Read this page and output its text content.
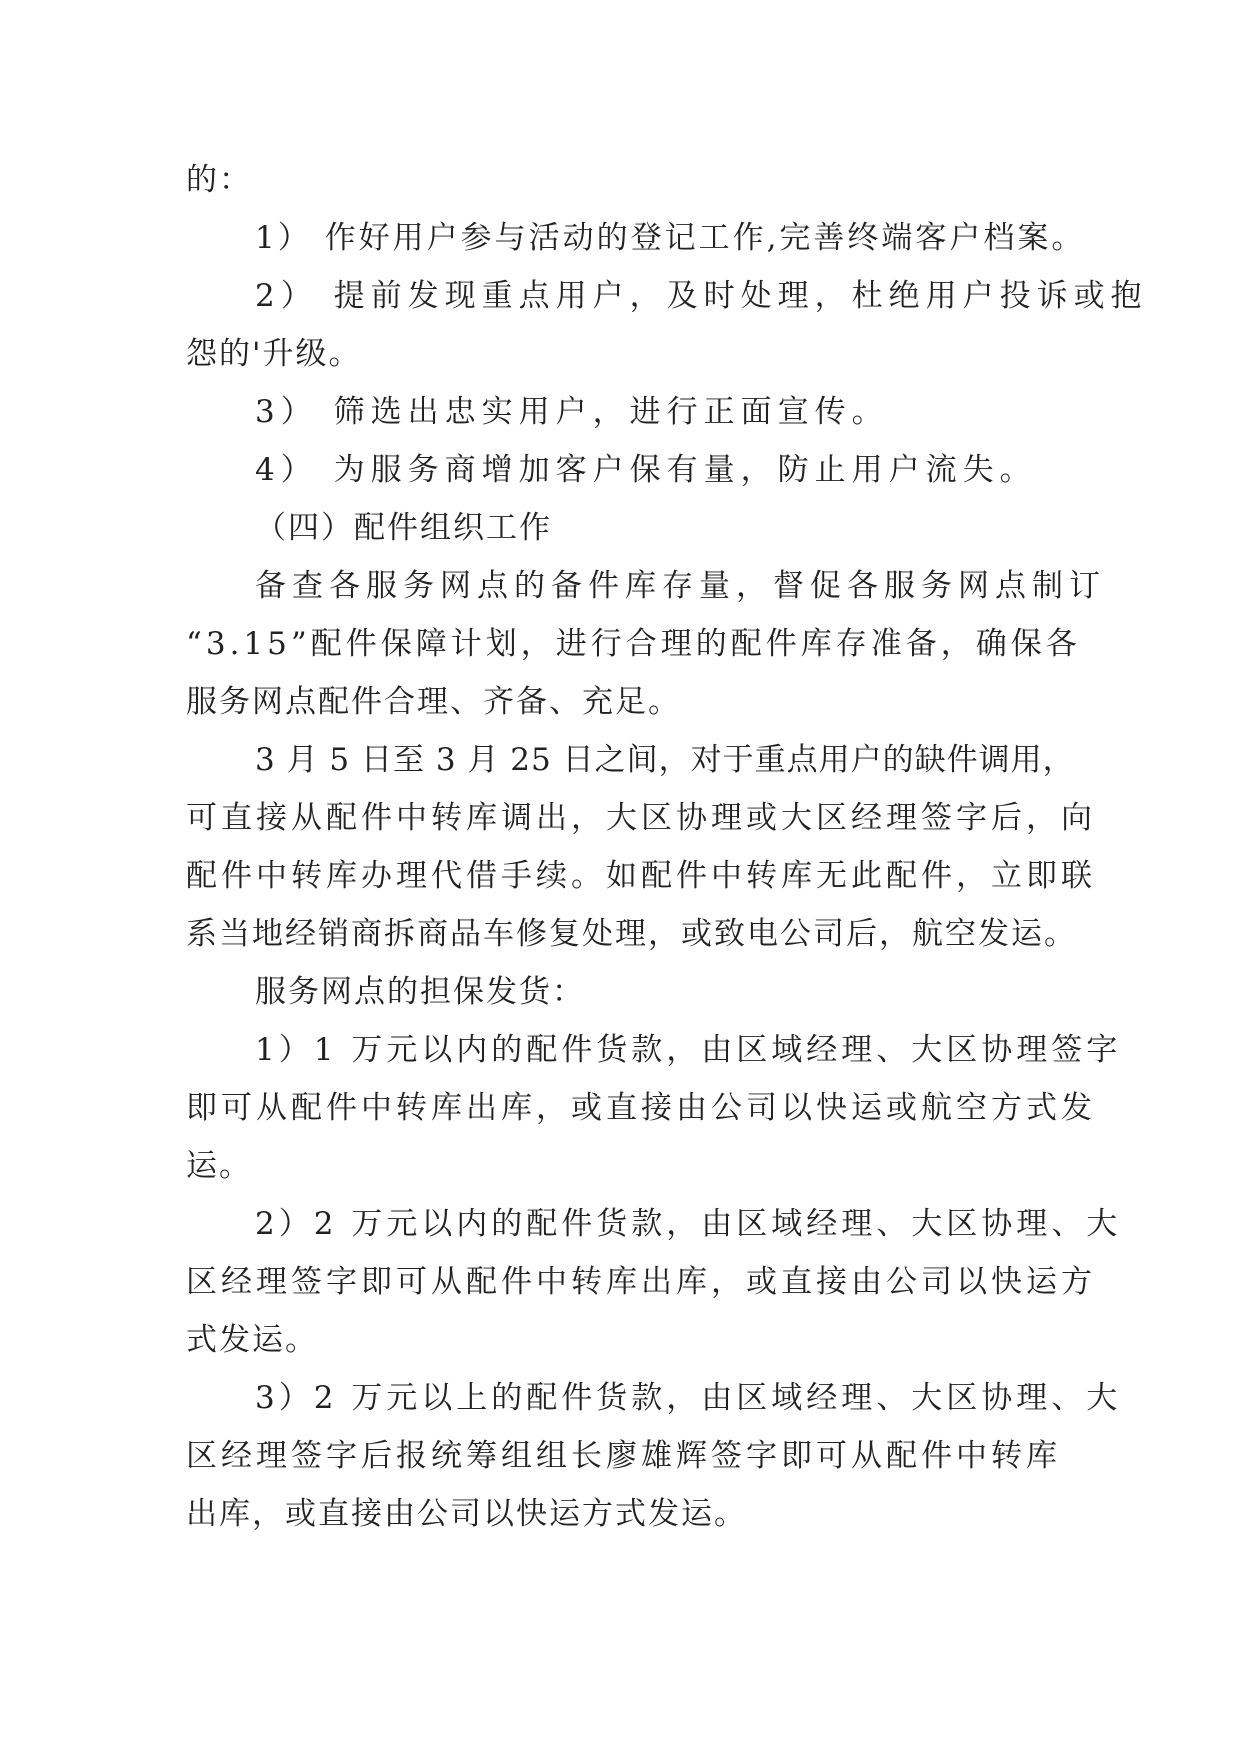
的：
1） 作好用户参与活动的登记工作,完善终端客户档案。
2） 提前发现重点用户，及时处理，杜绝用户投诉或抱
怨的'升级。
3） 筛选出忠实用户，进行正面宣传。
4） 为服务商增加客户保有量，防止用户流失。
（四）配件组织工作
备查各服务网点的备件库存量，督促各服务网点制订
“3.15”配件保障计划，进行合理的配件库存准备，确保各
服务网点配件合理、齐备、充足。
3 月 5 日至 3 月 25 日之间，对于重点用户的缺件调用，
可直接从配件中转库调出，大区协理或大区经理签字后，向
配件中转库办理代借手续。如配件中转库无此配件，立即联
系当地经销商拆商品车修复处理，或致电公司后，航空发运。
服务网点的担保发货：
1）1 万元以内的配件货款，由区域经理、大区协理签字
即可从配件中转库出库，或直接由公司以快运或航空方式发
运。
2）2 万元以内的配件货款，由区域经理、大区协理、大
区经理签字即可从配件中转库出库，或直接由公司以快运方
式发运。
3）2 万元以上的配件货款，由区域经理、大区协理、大
区经理签字后报统筹组组长廖雄辉签字即可从配件中转库
出库，或直接由公司以快运方式发运。
